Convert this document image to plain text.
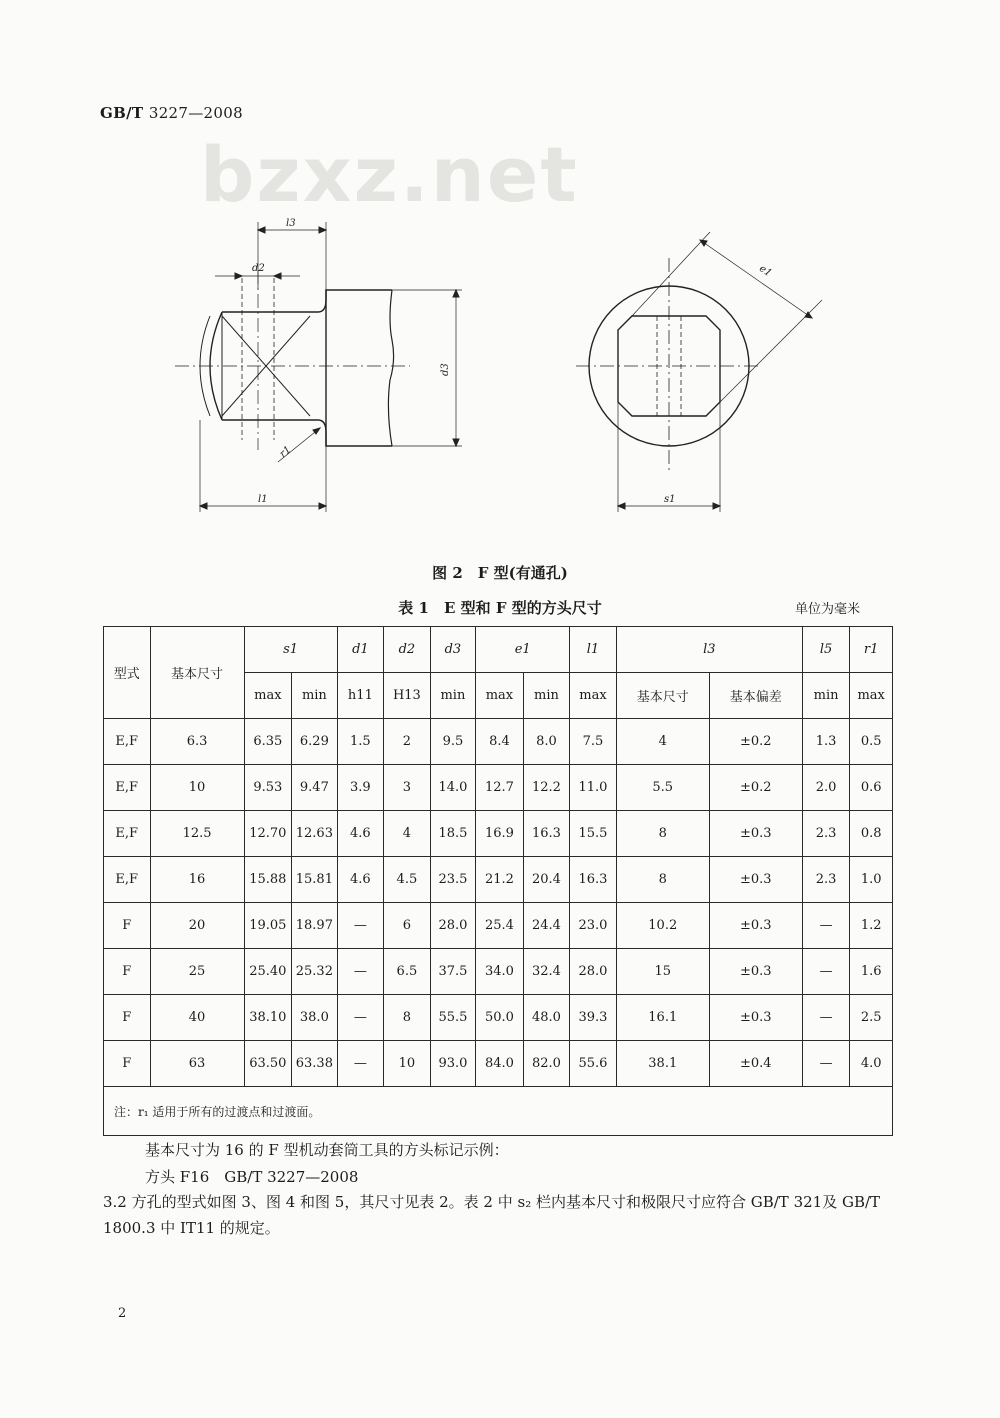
GB/T 3227—2008
bzxz.net
l3
d2
d3
r1
l1
e1
s1
图 2　F 型(有通孔)
表 1　E 型和 F 型的方头尺寸	单位为毫米
型式	基本尺寸	s1		d1	d2	d3	e1		l1	l3		l5	r1
		max	min	h11	H13	min	max	min	max	基本尺寸	基本偏差	min	max
E,F	6.3	6.35	6.29	1.5	2	9.5	8.4	8.0	7.5	4	±0.2	1.3	0.5
E,F	10	9.53	9.47	3.9	3	14.0	12.7	12.2	11.0	5.5	±0.2	2.0	0.6
E,F	12.5	12.70	12.63	4.6	4	18.5	16.9	16.3	15.5	8	±0.3	2.3	0.8
E,F	16	15.88	15.81	4.6	4.5	23.5	21.2	20.4	16.3	8	±0.3	2.3	1.0
F	20	19.05	18.97	—	6	28.0	25.4	24.4	23.0	10.2	±0.3	—	1.2
F	25	25.40	25.32	—	6.5	37.5	34.0	32.4	28.0	15	±0.3	—	1.6
F	40	38.10	38.0	—	8	55.5	50.0	48.0	39.3	16.1	±0.3	—	2.5
F	63	63.50	63.38	—	10	93.0	84.0	82.0	55.6	38.1	±0.4	—	4.0
注：r₁ 适用于所有的过渡点和过渡面。													
基本尺寸为 16 的 F 型机动套筒工具的方头标记示例：
方头 F16　GB/T 3227—2008
3.2 方孔的型式如图 3、图 4 和图 5，其尺寸见表 2。表 2 中 s₂ 栏内基本尺寸和极限尺寸应符合 GB/T 321及 GB/T 1800.3 中 IT11 的规定。
2
